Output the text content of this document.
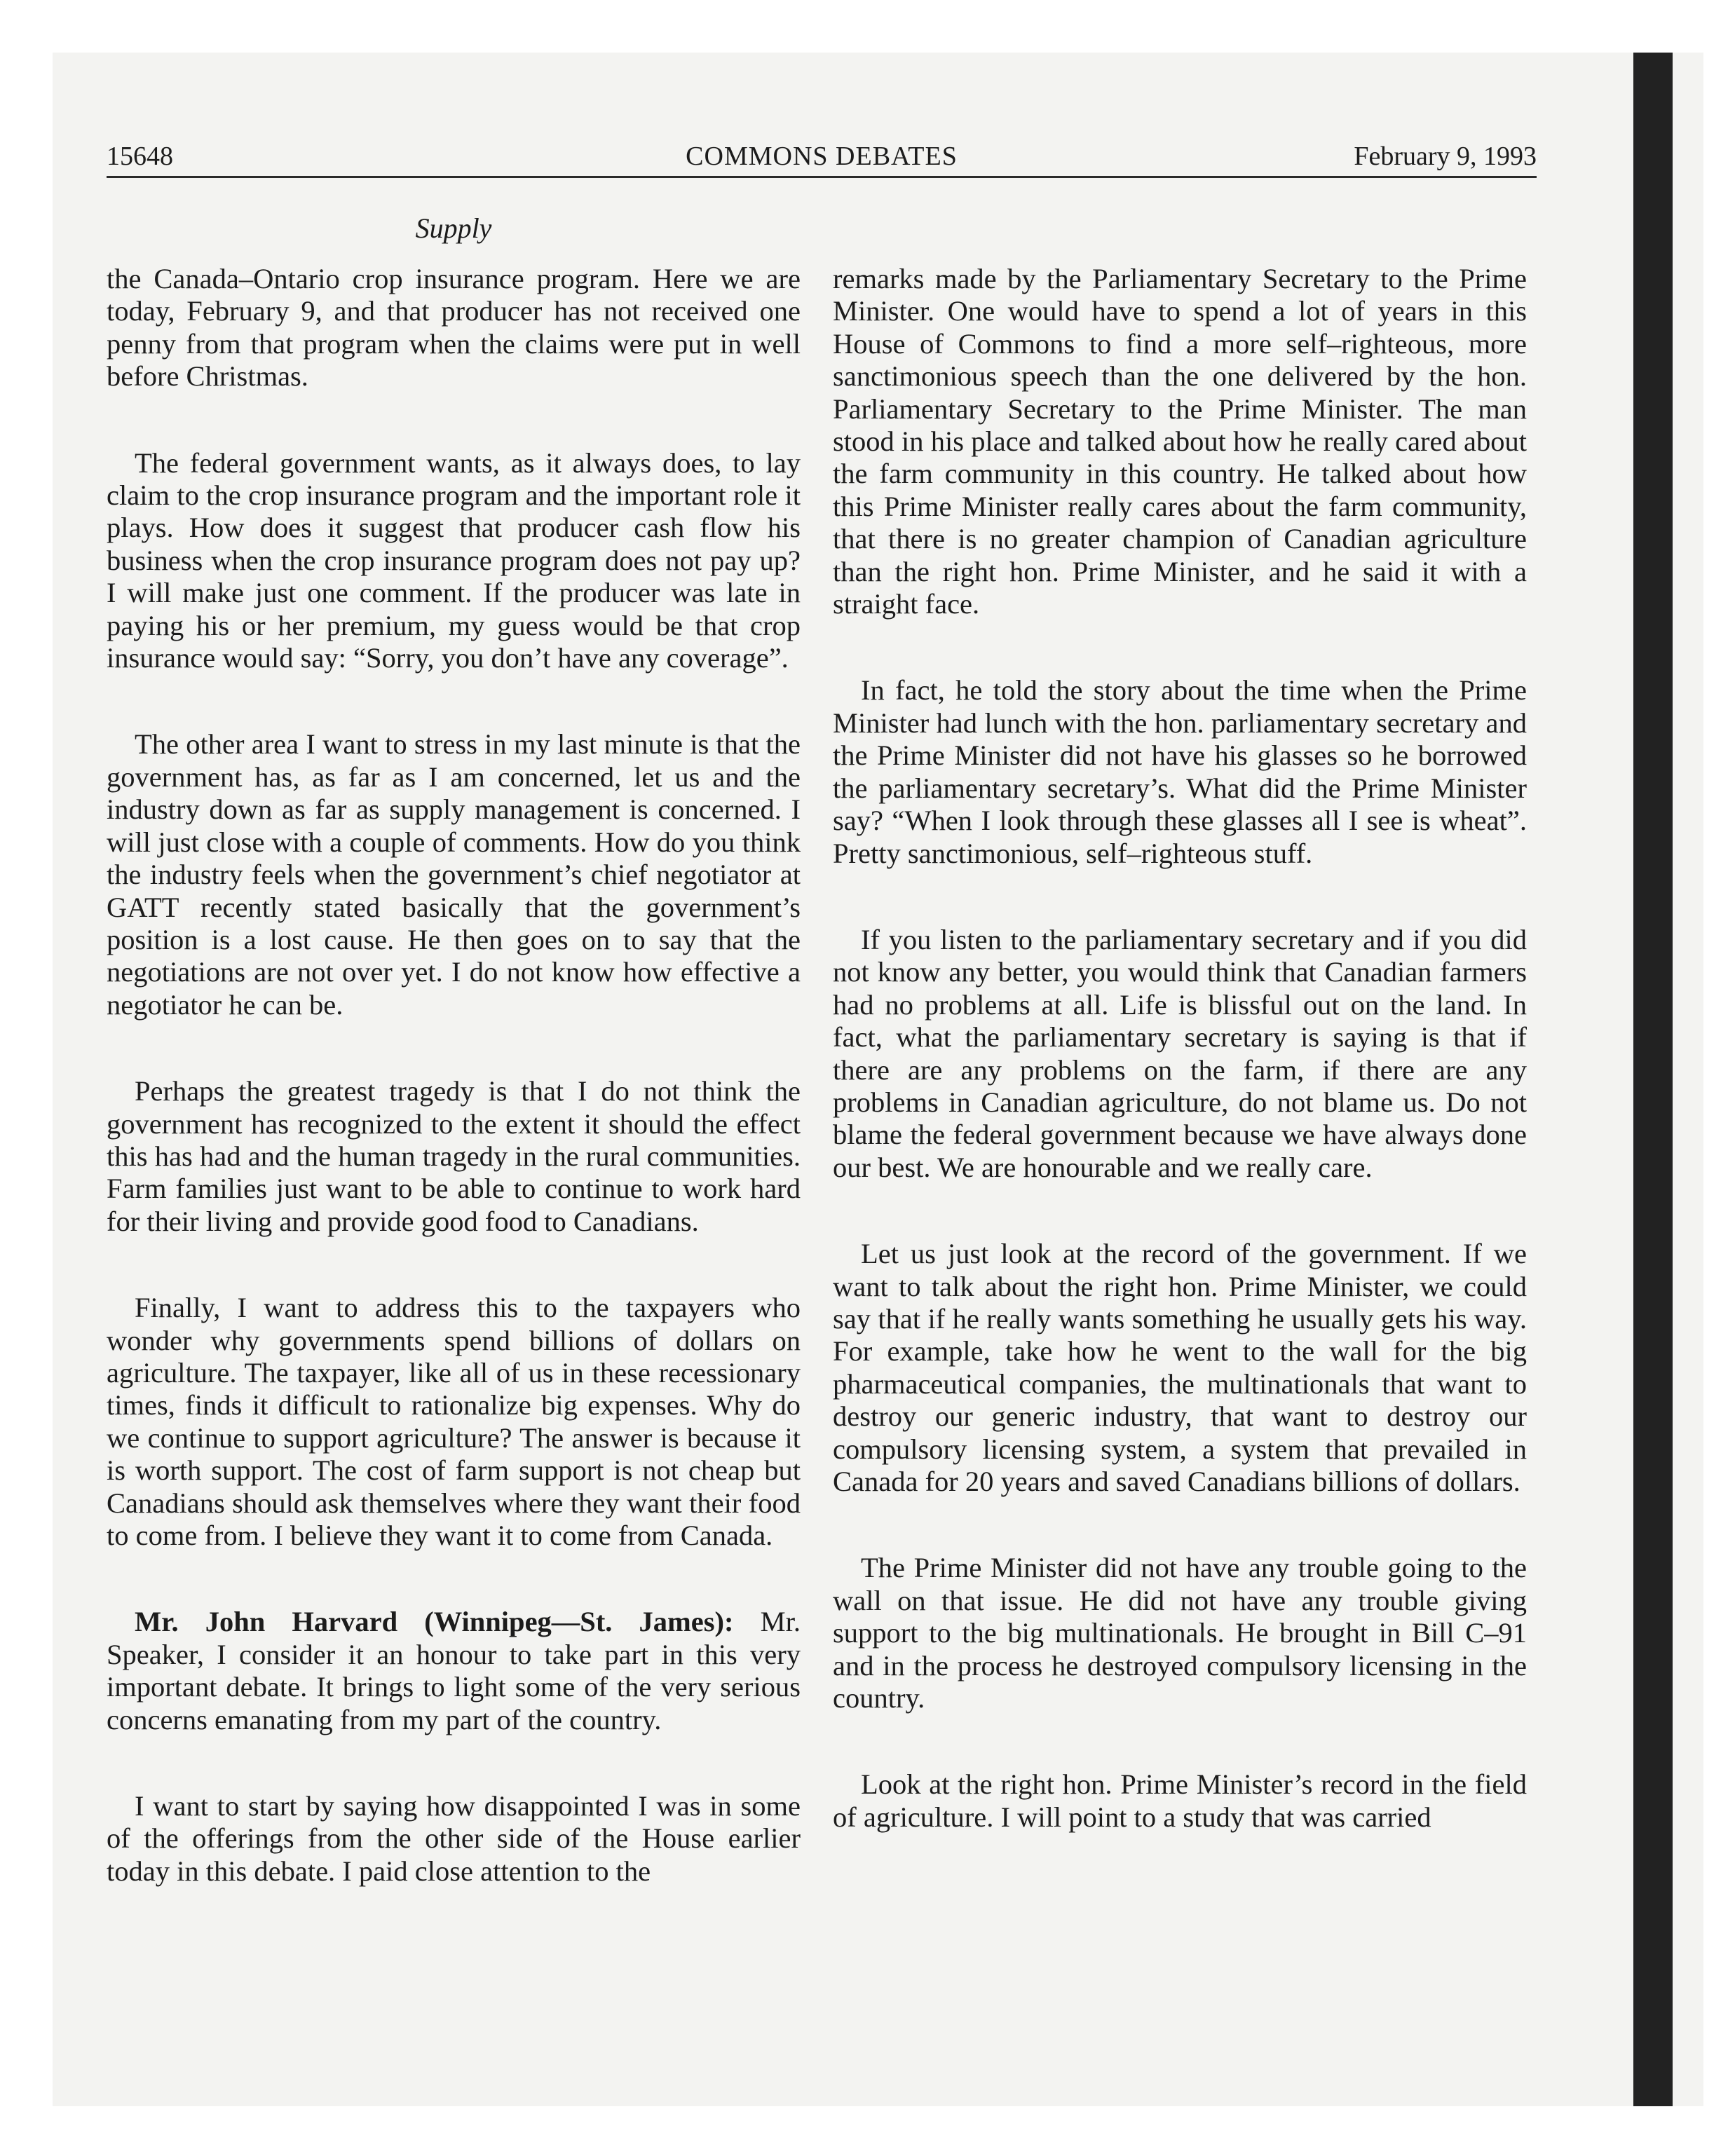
15648	COMMONS DEBATES	February 9, 1993
Supply

the Canada–Ontario crop insurance program. Here we are today, February 9, and that producer has not received one penny from that program when the claims were put in well before Christmas.

The federal government wants, as it always does, to lay claim to the crop insurance program and the important role it plays. How does it suggest that producer cash flow his business when the crop insurance program does not pay up? I will make just one comment. If the producer was late in paying his or her premium, my guess would be that crop insurance would say: “Sorry, you don’t have any coverage”.

The other area I want to stress in my last minute is that the government has, as far as I am concerned, let us and the industry down as far as supply management is concerned. I will just close with a couple of comments. How do you think the industry feels when the government’s chief negotiator at GATT recently stated basically that the government’s position is a lost cause. He then goes on to say that the negotiations are not over yet. I do not know how effective a negotiator he can be.

Perhaps the greatest tragedy is that I do not think the government has recognized to the extent it should the effect this has had and the human tragedy in the rural communities. Farm families just want to be able to continue to work hard for their living and provide good food to Canadians.

Finally, I want to address this to the taxpayers who wonder why governments spend billions of dollars on agriculture. The taxpayer, like all of us in these recessionary times, finds it difficult to rationalize big expenses. Why do we continue to support agriculture? The answer is because it is worth support. The cost of farm support is not cheap but Canadians should ask themselves where they want their food to come from. I believe they want it to come from Canada.

Mr. John Harvard (Winnipeg—St. James): Mr. Speaker, I consider it an honour to take part in this very important debate. It brings to light some of the very serious concerns emanating from my part of the country.

I want to start by saying how disappointed I was in some of the offerings from the other side of the House earlier today in this debate. I paid close attention to the

remarks made by the Parliamentary Secretary to the Prime Minister. One would have to spend a lot of years in this House of Commons to find a more self–righteous, more sanctimonious speech than the one delivered by the hon. Parliamentary Secretary to the Prime Minister. The man stood in his place and talked about how he really cared about the farm community in this country. He talked about how this Prime Minister really cares about the farm community, that there is no greater champion of Canadian agriculture than the right hon. Prime Minister, and he said it with a straight face.

In fact, he told the story about the time when the Prime Minister had lunch with the hon. parliamentary secretary and the Prime Minister did not have his glasses so he borrowed the parliamentary secretary’s. What did the Prime Minister say? “When I look through these glasses all I see is wheat”. Pretty sanctimonious, self–righteous stuff.

If you listen to the parliamentary secretary and if you did not know any better, you would think that Canadian farmers had no problems at all. Life is blissful out on the land. In fact, what the parliamentary secretary is saying is that if there are any problems on the farm, if there are any problems in Canadian agriculture, do not blame us. Do not blame the federal government because we have always done our best. We are honourable and we really care.

Let us just look at the record of the government. If we want to talk about the right hon. Prime Minister, we could say that if he really wants something he usually gets his way. For example, take how he went to the wall for the big pharmaceutical companies, the multinationals that want to destroy our generic industry, that want to destroy our compulsory licensing system, a system that prevailed in Canada for 20 years and saved Canadians billions of dollars.

The Prime Minister did not have any trouble going to the wall on that issue. He did not have any trouble giving support to the big multinationals. He brought in Bill C–91 and in the process he destroyed compulsory licensing in the country.

Look at the right hon. Prime Minister’s record in the field of agriculture. I will point to a study that was carried
